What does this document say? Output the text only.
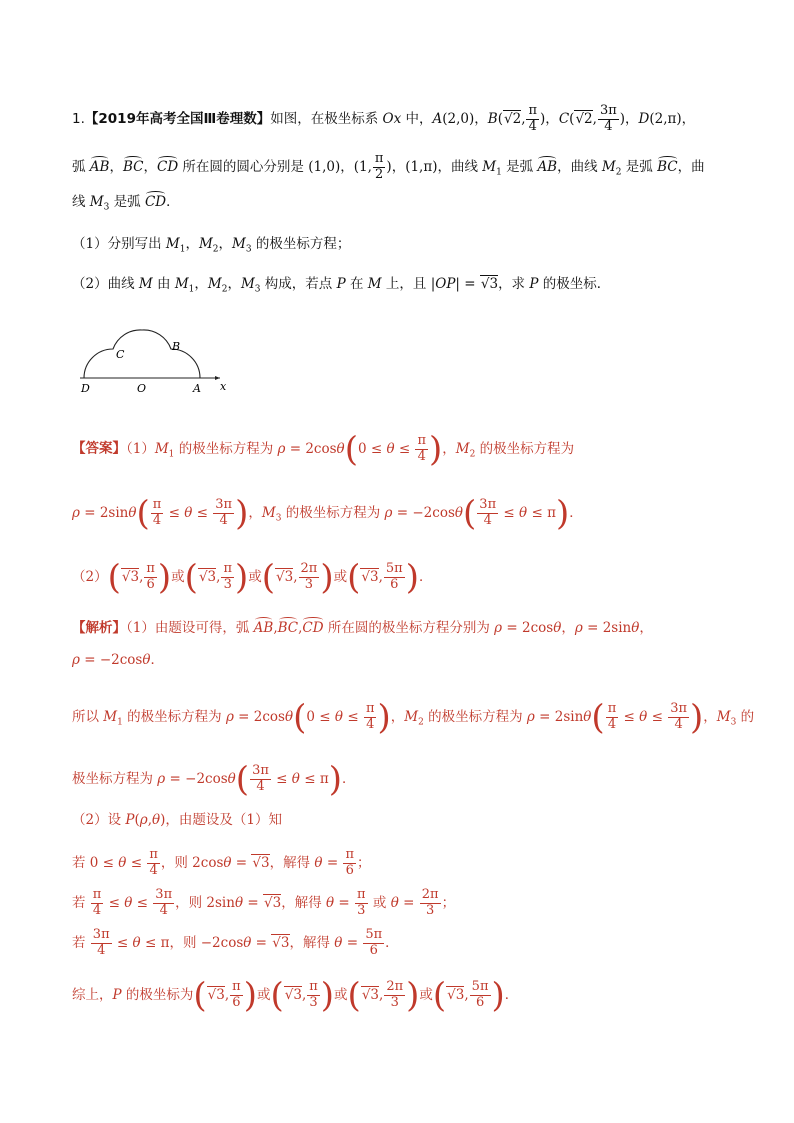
1.【2019年高考全国Ⅲ卷理数】如图，在极坐标系 Ox 中，A(2,0)，B(√2, $\frac{\pi}{4}$ )，C(√2, $\frac{3\pi}{4}$ )，D(2,π)，
弧 AB，BC，CD 所在圆的圆心分别是 (1,0)，(1, $\frac{\pi}{2}$ )，(1,π)，曲线 $M_1$ 是弧 AB，曲线 $M_2$ 是弧 BC，曲
线 $M_3$ 是弧 CD．
（1）分别写出 $M_1$，$M_2$，$M_3$ 的极坐标方程；
（2）曲线 M 由 $M_1$，$M_2$，$M_3$ 构成，若点 P 在 M 上，且 |OP| = √3，求 P 的极坐标．
D	O	A x
C
B
【答案】$(1)M_1$ 的极坐标方程为 $\rho = 2\cos\theta(0 \le \theta \le \frac{\pi}{4}$ )，$M_2$ 的极坐标方程为
$\rho = 2\sin\theta( \frac{\pi}{4} \le \theta \le \frac{3\pi}{4}$ )，$M_3$ 的极坐标方程为 $\rho = -2\cos\theta( \frac{3\pi}{4} \le \theta \le \pi)$．
（2）(√3, $\frac{\pi}{6}$ )或(√3, $\frac{\pi}{3}$ )或(√3, $\frac{2\pi}{3}$ )或(√3, $\frac{5\pi}{6}$ )．
【解析】（1）由题设可得，弧 AB,BC,CD 所在圆的极坐标方程分别为 ρ = 2cosθ，ρ = 2sinθ，
ρ = −2cosθ．
所以 $M_1$ 的极坐标方程为 $\rho = 2\cos\theta(0 \le \theta \le \frac{\pi}{4}$ )，$M_2$ 的极坐标方程为 $\rho = 2\sin\theta( \frac{\pi}{4} \le \theta \le \frac{3\pi}{4}$ )，$M_3$ 的
极坐标方程为 $\rho = -2\cos\theta( \frac{3\pi}{4} \le \theta \le \pi)$．
（2）设 P(ρ,θ)，由题设及（1）知
若 $0 \le \theta \le \frac{\pi}{4}$ ，则 2cosθ = √3，解得 $\theta = \frac{\pi}{6}$ ；
若 $\frac{\pi}{4} \le \theta \le \frac{3\pi}{4}$ ，则 2sinθ = √3，解得 $\theta = \frac{\pi}{3}$ 或 $\theta = \frac{2\pi}{3}$ ；
若 $\frac{3\pi}{4} \le \theta \le \pi$，则 −2cosθ = √3，解得 $\theta = \frac{5\pi}{6}$ ．
综上，P 的极坐标为(√3, $\frac{\pi}{6}$ )或(√3, $\frac{\pi}{3}$ )或(√3, $\frac{2\pi}{3}$ )或(√3, $\frac{5\pi}{6}$ )．
